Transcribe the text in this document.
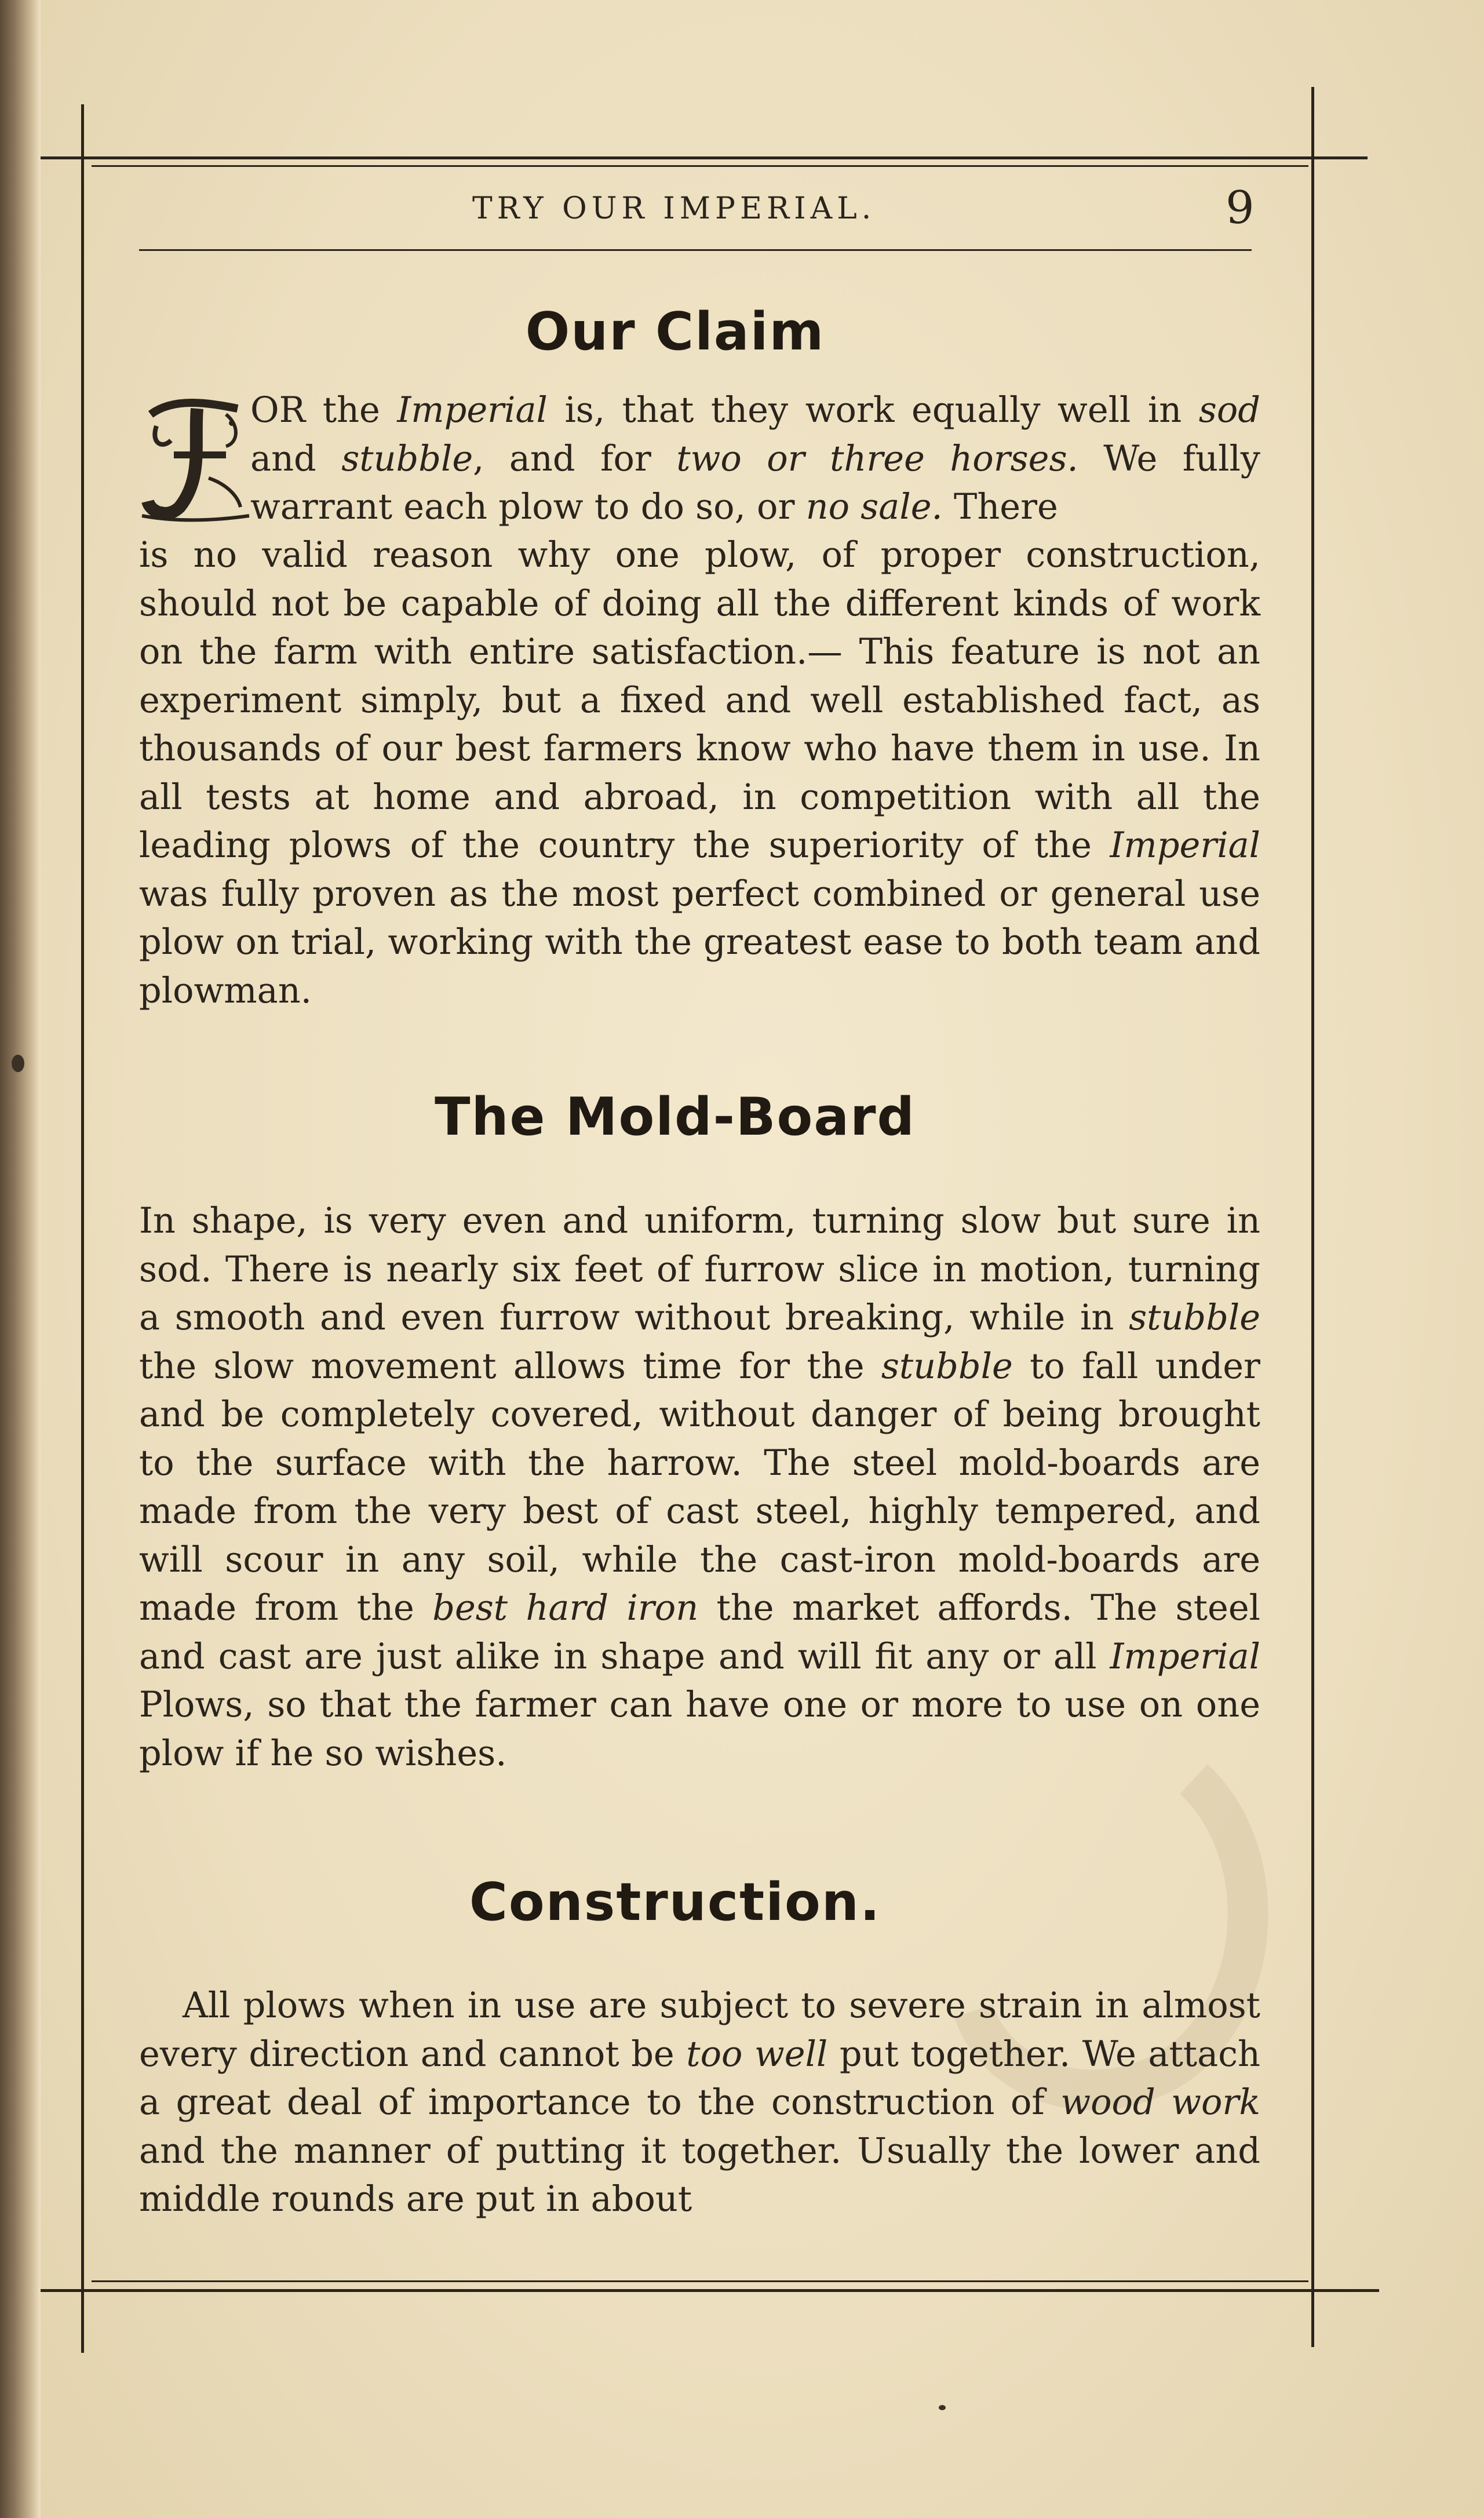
TRY OUR IMPERIAL.	9
Our Claim

OR the Imperial is, that they work equally well in sod and stubble, and for two or three horses. We fully warrant each plow to do so, or no sale. There

is no valid reason why one plow, of proper construction, should not be capable of doing all the different kinds of work on the farm with entire satisfaction.— This feature is not an experiment simply, but a fixed and well established fact, as thousands of our best farmers know who have them in use. In all tests at home and abroad, in competition with all the leading plows of the country the superiority of the Imperial was fully proven as the most perfect combined or general use plow on trial, working with the greatest ease to both team and plowman.

The Mold-Board

In shape, is very even and uniform, turning slow but sure in sod. There is nearly six feet of furrow slice in motion, turning a smooth and even furrow without breaking, while in stubble the slow movement allows time for the stubble to fall under and be completely covered, without danger of being brought to the surface with the harrow. The steel mold-boards are made from the very best of cast steel, highly tempered, and will scour in any soil, while the cast-iron mold-boards are made from the best hard iron the market affords. The steel and cast are just alike in shape and will fit any or all Imperial Plows, so that the farmer can have one or more to use on one plow if he so wishes.

Construction.

All plows when in use are subject to severe strain in almost every direction and cannot be too well put together. We attach a great deal of importance to the construction of wood work and the manner of putting it together. Usually the lower and middle rounds are put in about
